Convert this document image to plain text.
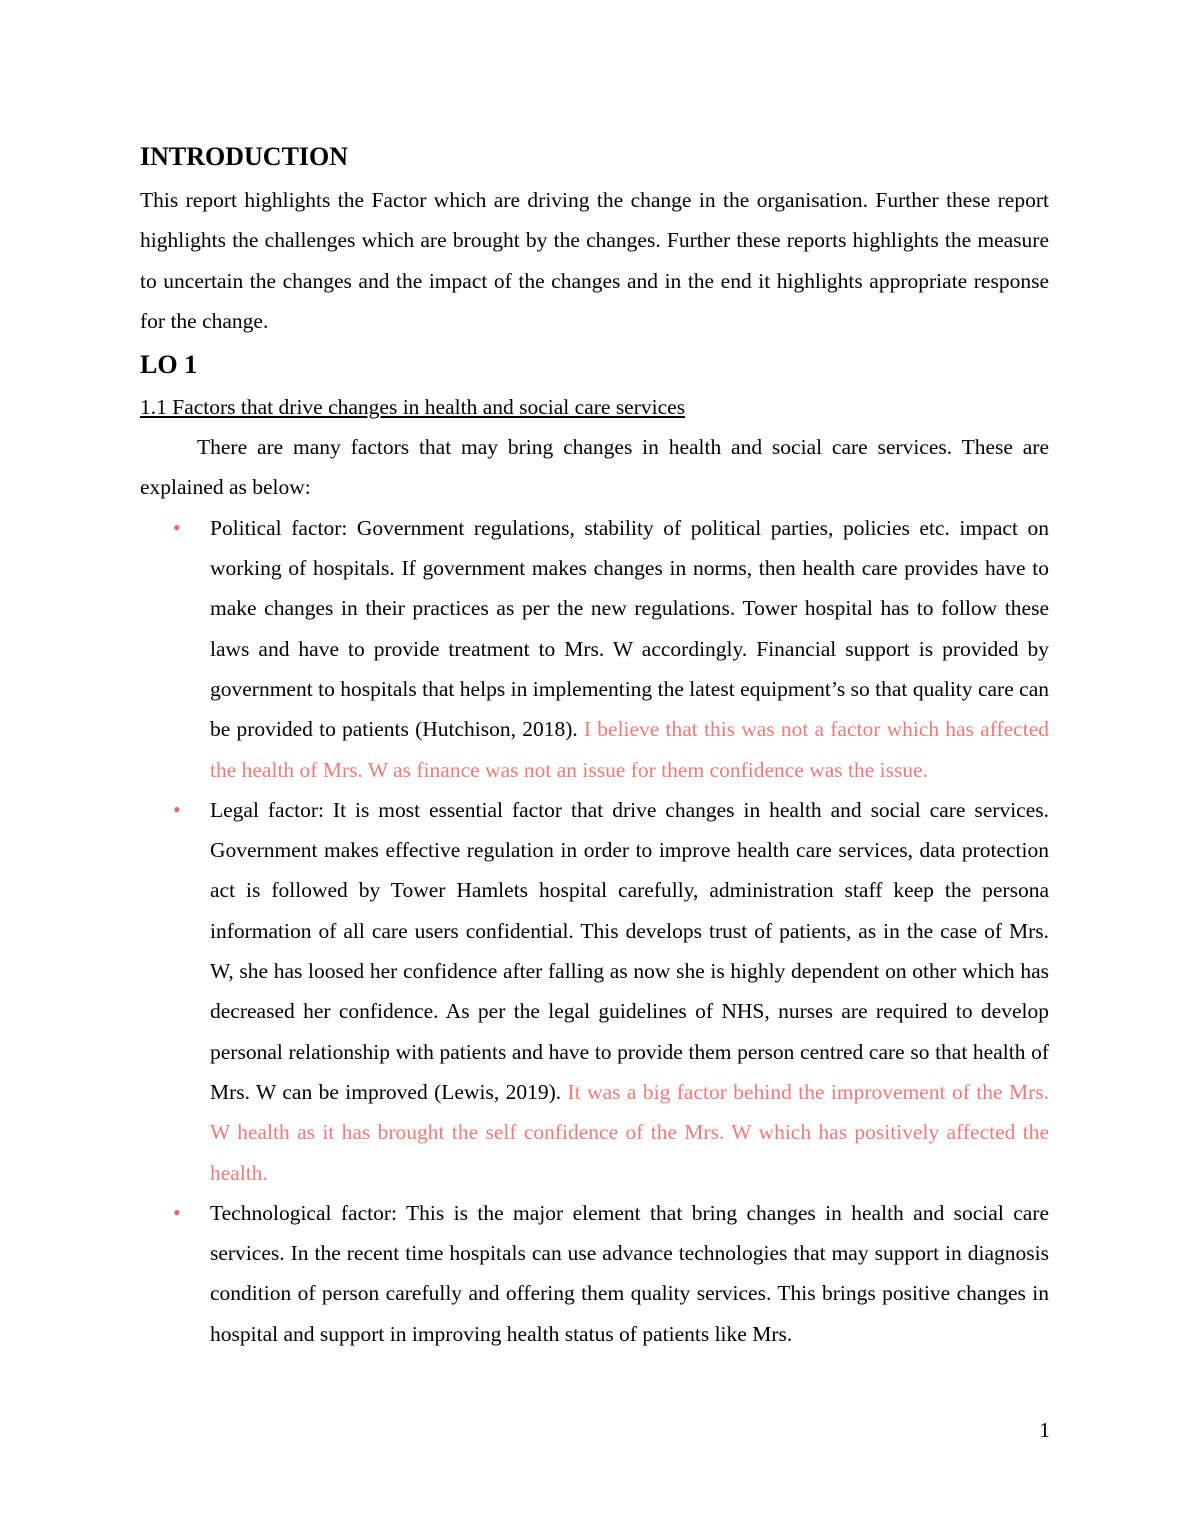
INTRODUCTION

This report highlights the Factor which are driving the change in the organisation. Further these report highlights the challenges which are brought by the changes. Further these reports highlights the measure to uncertain the changes and the impact of the changes and in the end it highlights appropriate response for the change.

LO 1
1.1 Factors that drive changes in health and social care services

There are many factors that may bring changes in health and social care services. These are explained as below:

• Political factor: Government regulations, stability of political parties, policies etc. impact on working of hospitals. If government makes changes in norms, then health care provides have to make changes in their practices as per the new regulations. Tower hospital has to follow these laws and have to provide treatment to Mrs. W accordingly. Financial support is provided by government to hospitals that helps in implementing the latest equipment’s so that quality care can be provided to patients (Hutchison, 2018). I believe that this was not a factor which has affected the health of Mrs. W as finance was not an issue for them confidence was the issue.
• Legal factor: It is most essential factor that drive changes in health and social care services. Government makes effective regulation in order to improve health care services, data protection act is followed by Tower Hamlets hospital carefully, administration staff keep the persona information of all care users confidential. This develops trust of patients, as in the case of Mrs. W, she has loosed her confidence after falling as now she is highly dependent on other which has decreased her confidence. As per the legal guidelines of NHS, nurses are required to develop personal relationship with patients and have to provide them person centred care so that health of Mrs. W can be improved (Lewis, 2019). It was a big factor behind the improvement of the Mrs. W health as it has brought the self confidence of the Mrs. W which has positively affected the health.
• Technological factor: This is the major element that bring changes in health and social care services. In the recent time hospitals can use advance technologies that may support in diagnosis condition of person carefully and offering them quality services. This brings positive changes in hospital and support in improving health status of patients like Mrs.
1
